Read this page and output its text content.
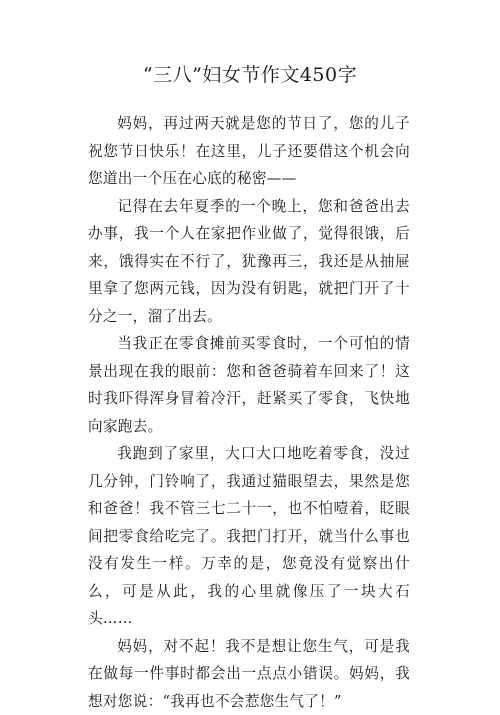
“三八”妇女节作文450字

妈妈，再过两天就是您的节日了，您的儿子祝您节日快乐！在这里，儿子还要借这个机会向您道出一个压在心底的秘密——

记得在去年夏季的一个晚上，您和爸爸出去办事，我一个人在家把作业做了，觉得很饿，后来，饿得实在不行了，犹豫再三，我还是从抽屉里拿了您两元钱，因为没有钥匙，就把门开了十分之一，溜了出去。

当我正在零食摊前买零食时，一个可怕的情景出现在我的眼前：您和爸爸骑着车回来了！这时我吓得浑身冒着冷汗，赶紧买了零食，飞快地向家跑去。

我跑到了家里，大口大口地吃着零食，没过几分钟，门铃响了，我通过猫眼望去，果然是您和爸爸！我不管三七二十一，也不怕噎着，眨眼间把零食给吃完了。我把门打开，就当什么事也没有发生一样。万幸的是，您竟没有觉察出什么，可是从此，我的心里就像压了一块大石头……

妈妈，对不起！我不是想让您生气，可是我在做每一件事时都会出一点点小错误。妈妈，我想对您说：“我再也不会惹您生气了！”
